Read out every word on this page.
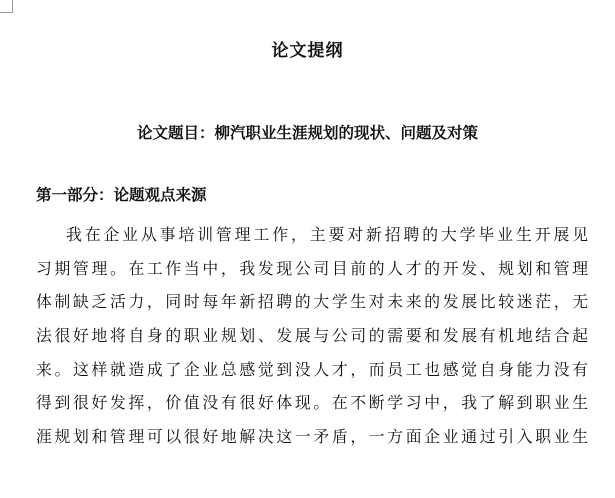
论文提纲
论文题目：柳汽职业生涯规划的现状、问题及对策
第一部分：论题观点来源
我在企业从事培训管理工作，主要对新招聘的大学毕业生开展见
习期管理。在工作当中，我发现公司目前的人才的开发、规划和管理
体制缺乏活力，同时每年新招聘的大学生对未来的发展比较迷茫，无
法很好地将自身的职业规划、发展与公司的需要和发展有机地结合起
来。这样就造成了企业总感觉到没人才，而员工也感觉自身能力没有
得到很好发挥，价值没有很好体现。在不断学习中，我了解到职业生
涯规划和管理可以很好地解决这一矛盾，一方面企业通过引入职业生
